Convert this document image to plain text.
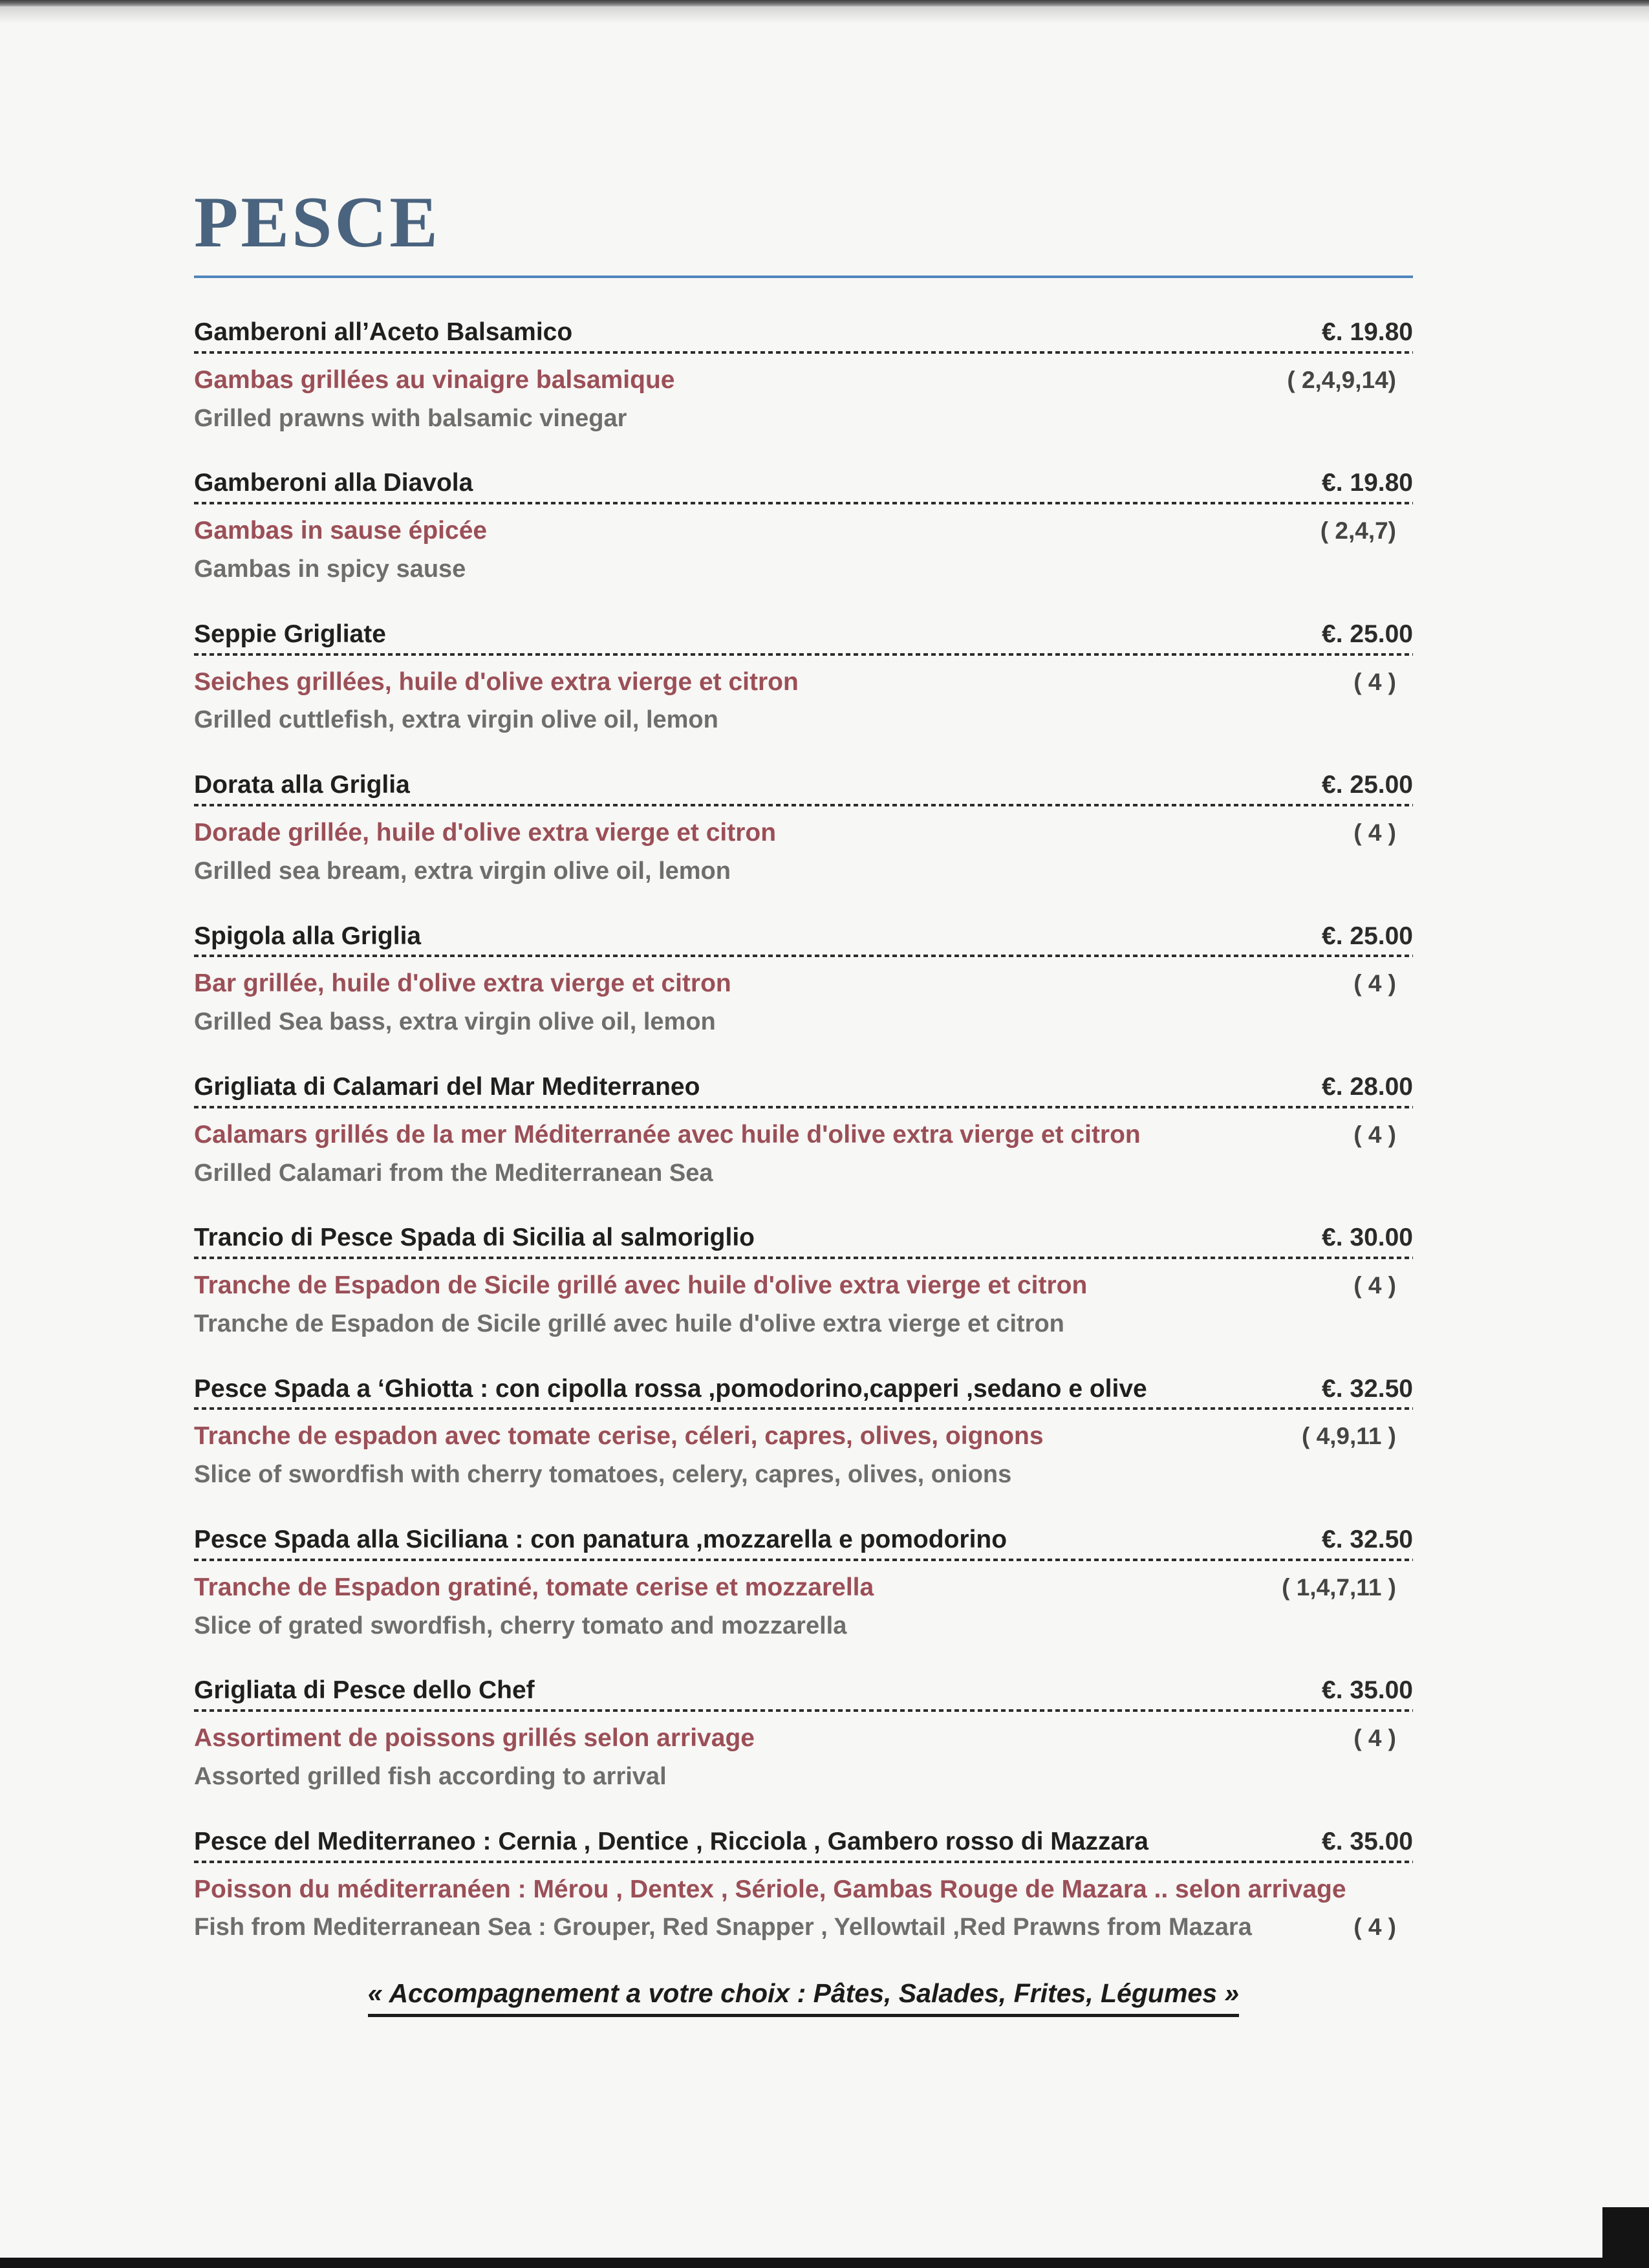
PESCE
Gamberoni all’Aceto Balsamico	€. 19.80
Gambas grillées au vinaigre balsamique	( 2,4,9,14)
Grilled prawns with balsamic vinegar
Gamberoni alla Diavola	€. 19.80
Gambas in sause épicée	( 2,4,7)
Gambas in spicy sause
Seppie Grigliate	€. 25.00
Seiches grillées, huile d'olive extra vierge et citron	( 4 )
Grilled cuttlefish, extra virgin olive oil, lemon
Dorata alla Griglia	€. 25.00
Dorade grillée, huile d'olive extra vierge et citron	( 4 )
Grilled sea bream, extra virgin olive oil, lemon
Spigola alla Griglia	€. 25.00
Bar grillée, huile d'olive extra vierge et citron	( 4 )
Grilled Sea bass, extra virgin olive oil, lemon
Grigliata di Calamari del Mar Mediterraneo	€. 28.00
Calamars grillés de la mer Méditerranée avec huile d'olive extra vierge et citron	( 4 )
Grilled Calamari from the Mediterranean Sea
Trancio di Pesce Spada di Sicilia al salmoriglio	€. 30.00
Tranche de Espadon de Sicile grillé avec huile d'olive extra vierge et citron	( 4 )
Tranche de Espadon de Sicile grillé avec huile d'olive extra vierge et citron
Pesce Spada a ‘Ghiotta : con cipolla rossa ,pomodorino,capperi ,sedano e olive	€. 32.50
Tranche de espadon avec tomate cerise, céleri, capres, olives, oignons	( 4,9,11 )
Slice of swordfish with cherry tomatoes, celery, capres, olives, onions
Pesce Spada alla Siciliana : con panatura ,mozzarella e pomodorino	€. 32.50
Tranche de Espadon gratiné, tomate cerise et mozzarella	( 1,4,7,11 )
Slice of grated swordfish, cherry tomato and mozzarella
Grigliata di Pesce dello Chef	€. 35.00
Assortiment de poissons grillés selon arrivage	( 4 )
Assorted grilled fish according to arrival
Pesce del Mediterraneo : Cernia , Dentice , Ricciola , Gambero rosso di Mazzara	€. 35.00
Poisson du méditerranéen : Mérou , Dentex , Sériole, Gambas Rouge de Mazara .. selon arrivage
Fish from Mediterranean Sea : Grouper, Red Snapper , Yellowtail ,Red Prawns from Mazara	( 4 )
« Accompagnement a votre choix : Pâtes, Salades, Frites, Légumes »
